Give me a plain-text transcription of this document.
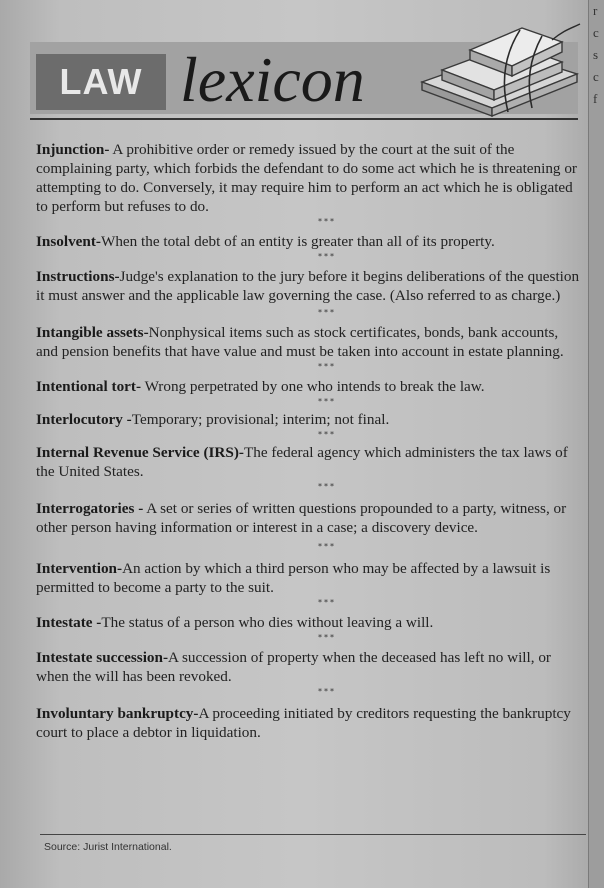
r
c
s
c
f
LAW lexicon
Injunction- A prohibitive order or remedy issued by the court at the suit of the complaining party, which forbids the defendant to do some act which he is threatening or attempting to do. Conversely, it may require him to perform an act which he is obligated to perform but refuses to do.
***
Insolvent-When the total debt of an entity is greater than all of its property.
***
Instructions-Judge's explanation to the jury before it begins deliberations of the question it must answer and the applicable law governing the case. (Also referred to as charge.)
***
Intangible assets-Nonphysical items such as stock certificates, bonds, bank accounts, and pension benefits that have value and must be taken into account in estate planning.
***
Intentional tort- Wrong perpetrated by one who intends to break the law.
***
Interlocutory -Temporary; provisional; interim; not final.
***
Internal Revenue Service (IRS)-The federal agency which administers the tax laws of the United States.
***
Interrogatories - A set or series of written questions propounded to a party, witness, or other person having information or interest in a case; a discovery device.
***
Intervention-An action by which a third person who may be affected by a lawsuit is permitted to become a party to the suit.
***
Intestate -The status of a person who dies without leaving a will.
***
Intestate succession-A succession of property when the deceased has left no will, or when the will has been revoked.
***
Involuntary bankruptcy-A proceeding initiated by creditors requesting the bankruptcy court to place a debtor in liquidation.
Source: Jurist International.
